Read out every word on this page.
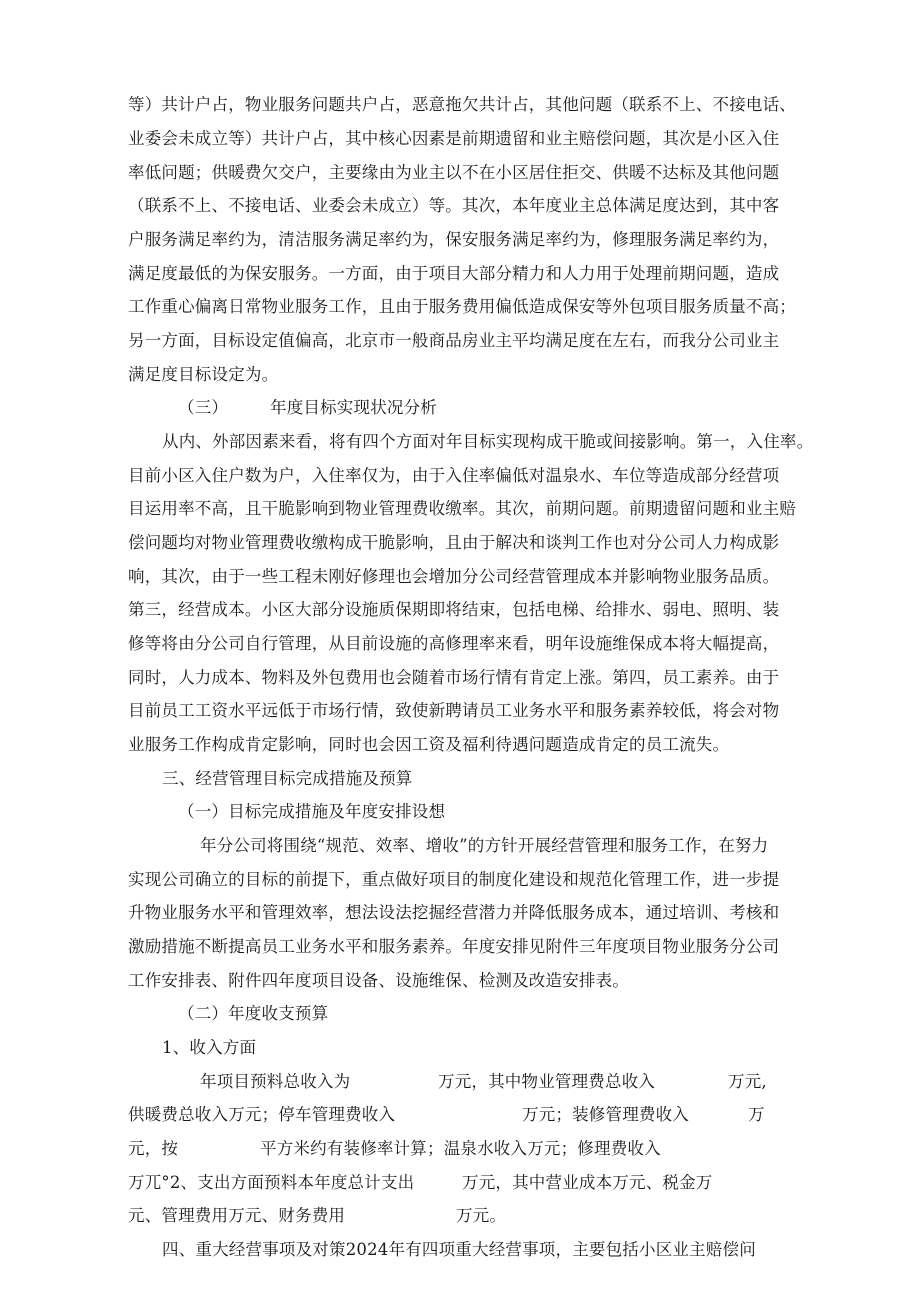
等）共计户占，物业服务问题共户占，恶意拖欠共计占，其他问题（联系不上、不接电话、
业委会未成立等）共计户占，其中核心因素是前期遗留和业主赔偿问题，其次是小区入住
率低问题；供暖费欠交户，主要缘由为业主以不在小区居住拒交、供暖不达标及其他问题
（联系不上、不接电话、业委会未成立）等。其次，本年度业主总体满足度达到，其中客
户服务满足率约为，清洁服务满足率约为，保安服务满足率约为，修理服务满足率约为，
满足度最低的为保安服务。一方面，由于项目大部分精力和人力用于处理前期问题，造成
工作重心偏离日常物业服务工作，且由于服务费用偏低造成保安等外包项目服务质量不高；
另一方面，目标设定值偏高，北京市一般商品房业主平均满足度在左右，而我分公司业主
满足度目标设定为。
（三）	年度目标实现状况分析
从内、外部因素来看，将有四个方面对年目标实现构成干脆或间接影响。第一，入住率。
目前小区入住户数为户，入住率仅为，由于入住率偏低对温泉水、车位等造成部分经营项
目运用率不高，且干脆影响到物业管理费收缴率。其次，前期问题。前期遗留问题和业主赔
偿问题均对物业管理费收缴构成干脆影响，且由于解决和谈判工作也对分公司人力构成影
响，其次，由于一些工程未刚好修理也会增加分公司经营管理成本并影响物业服务品质。
第三，经营成本。小区大部分设施质保期即将结束，包括电梯、给排水、弱电、照明、装
修等将由分公司自行管理，从目前设施的高修理率来看，明年设施维保成本将大幅提高，
同时，人力成本、物料及外包费用也会随着市场行情有肯定上涨。第四，员工素养。由于
目前员工工资水平远低于市场行情，致使新聘请员工业务水平和服务素养较低，将会对物
业服务工作构成肯定影响，同时也会因工资及福利待遇问题造成肯定的员工流失。
三、经营管理目标完成措施及预算
（一）目标完成措施及年度安排设想
年分公司将围绕“规范、效率、增收”的方针开展经营管理和服务工作，在努力
实现公司确立的目标的前提下，重点做好项目的制度化建设和规范化管理工作，进一步提
升物业服务水平和管理效率，想法设法挖掘经营潜力并降低服务成本，通过培训、考核和
激励措施不断提高员工业务水平和服务素养。年度安排见附件三年度项目物业服务分公司
工作安排表、附件四年度项目设备、设施维保、检测及改造安排表。
（二）年度收支预算
1、收入方面
年项目预料总收入为	万元，其中物业管理费总收入	万元,
供暖费总收入万元；停车管理费收入	万元；装修管理费收入	万
元，按	平方米约有装修率计算；温泉水收入万元；修理费收入
万兀°2、支出方面预料本年度总计支出	万元，其中营业成本万元、税金万
元、管理费用万元、财务费用	万元。
四、重大经营事项及对策2024年有四项重大经营事项，主要包括小区业主赔偿问
